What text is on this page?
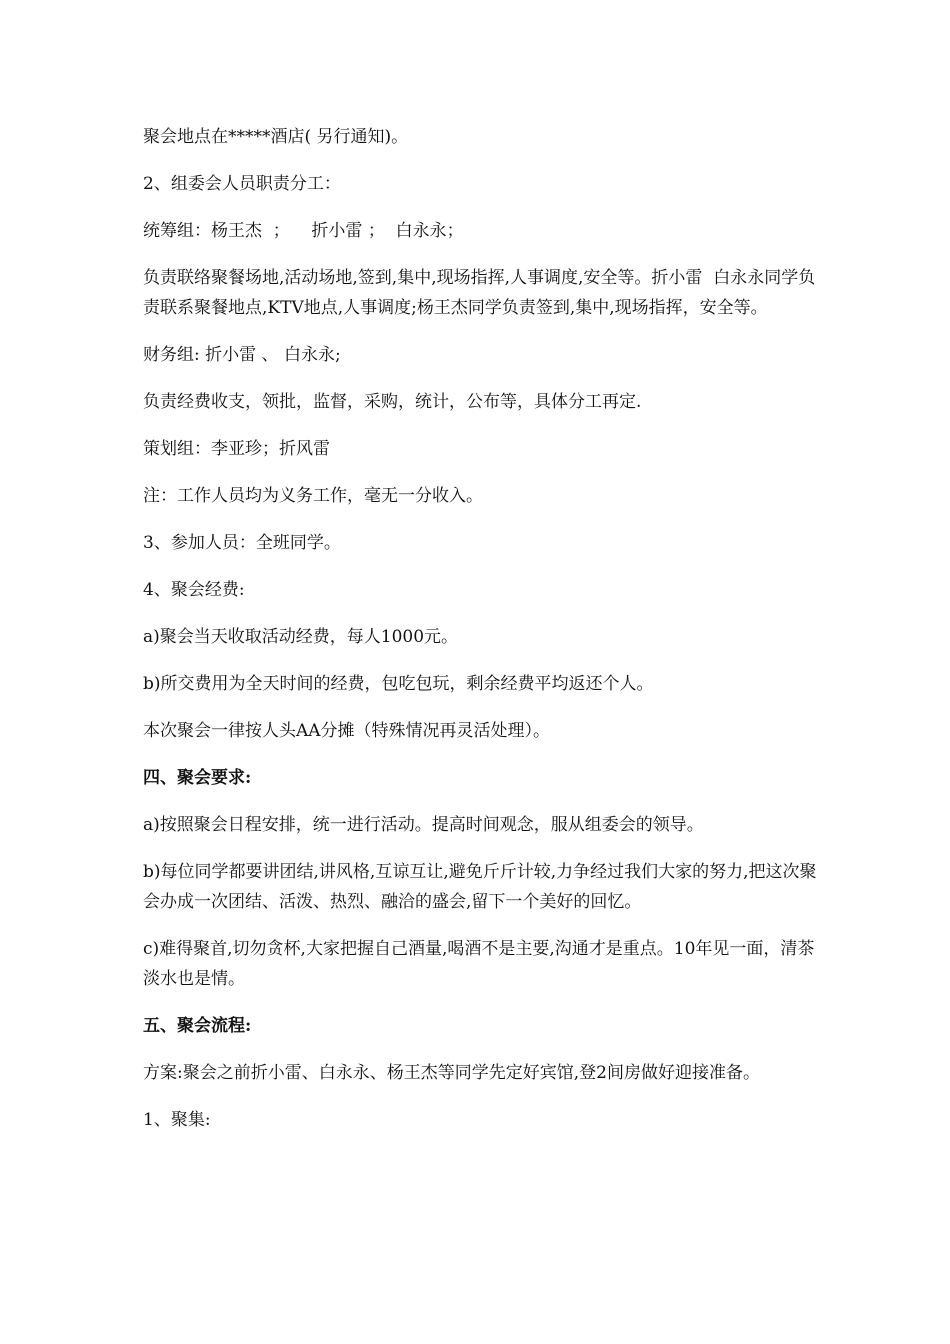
聚会地点在*****酒店( 另行通知)。

2、组委会人员职责分工：

统筹组：杨王杰  ；    折小雷 ；  白永永；

负责联络聚餐场地,活动场地,签到,集中,现场指挥,人事调度,安全等。折小雷  白永永同学负责联系聚餐地点,KTV地点,人事调度;杨王杰同学负责签到,集中,现场指挥，安全等。

财务组: 折小雷 、 白永永;

负责经费收支，领批，监督，采购，统计，公布等，具体分工再定.

策划组：李亚珍；折风雷

注：工作人员均为义务工作，毫无一分收入。

3、参加人员：全班同学。

4、聚会经费:

a)聚会当天收取活动经费，每人1000元。

b)所交费用为全天时间的经费，包吃包玩，剩余经费平均返还个人。

本次聚会一律按人头AA分摊（特殊情况再灵活处理）。

四、聚会要求:

a)按照聚会日程安排，统一进行活动。提高时间观念，服从组委会的领导。

b)每位同学都要讲团结,讲风格,互谅互让,避免斤斤计较,力争经过我们大家的努力,把这次聚会办成一次团结、活泼、热烈、融洽的盛会,留下一个美好的回忆。

c)难得聚首,切勿贪杯,大家把握自己酒量,喝酒不是主要,沟通才是重点。10年见一面，清茶淡水也是情。

五、聚会流程:

方案:聚会之前折小雷、白永永、杨王杰等同学先定好宾馆,登2间房做好迎接准备。

1、聚集:
